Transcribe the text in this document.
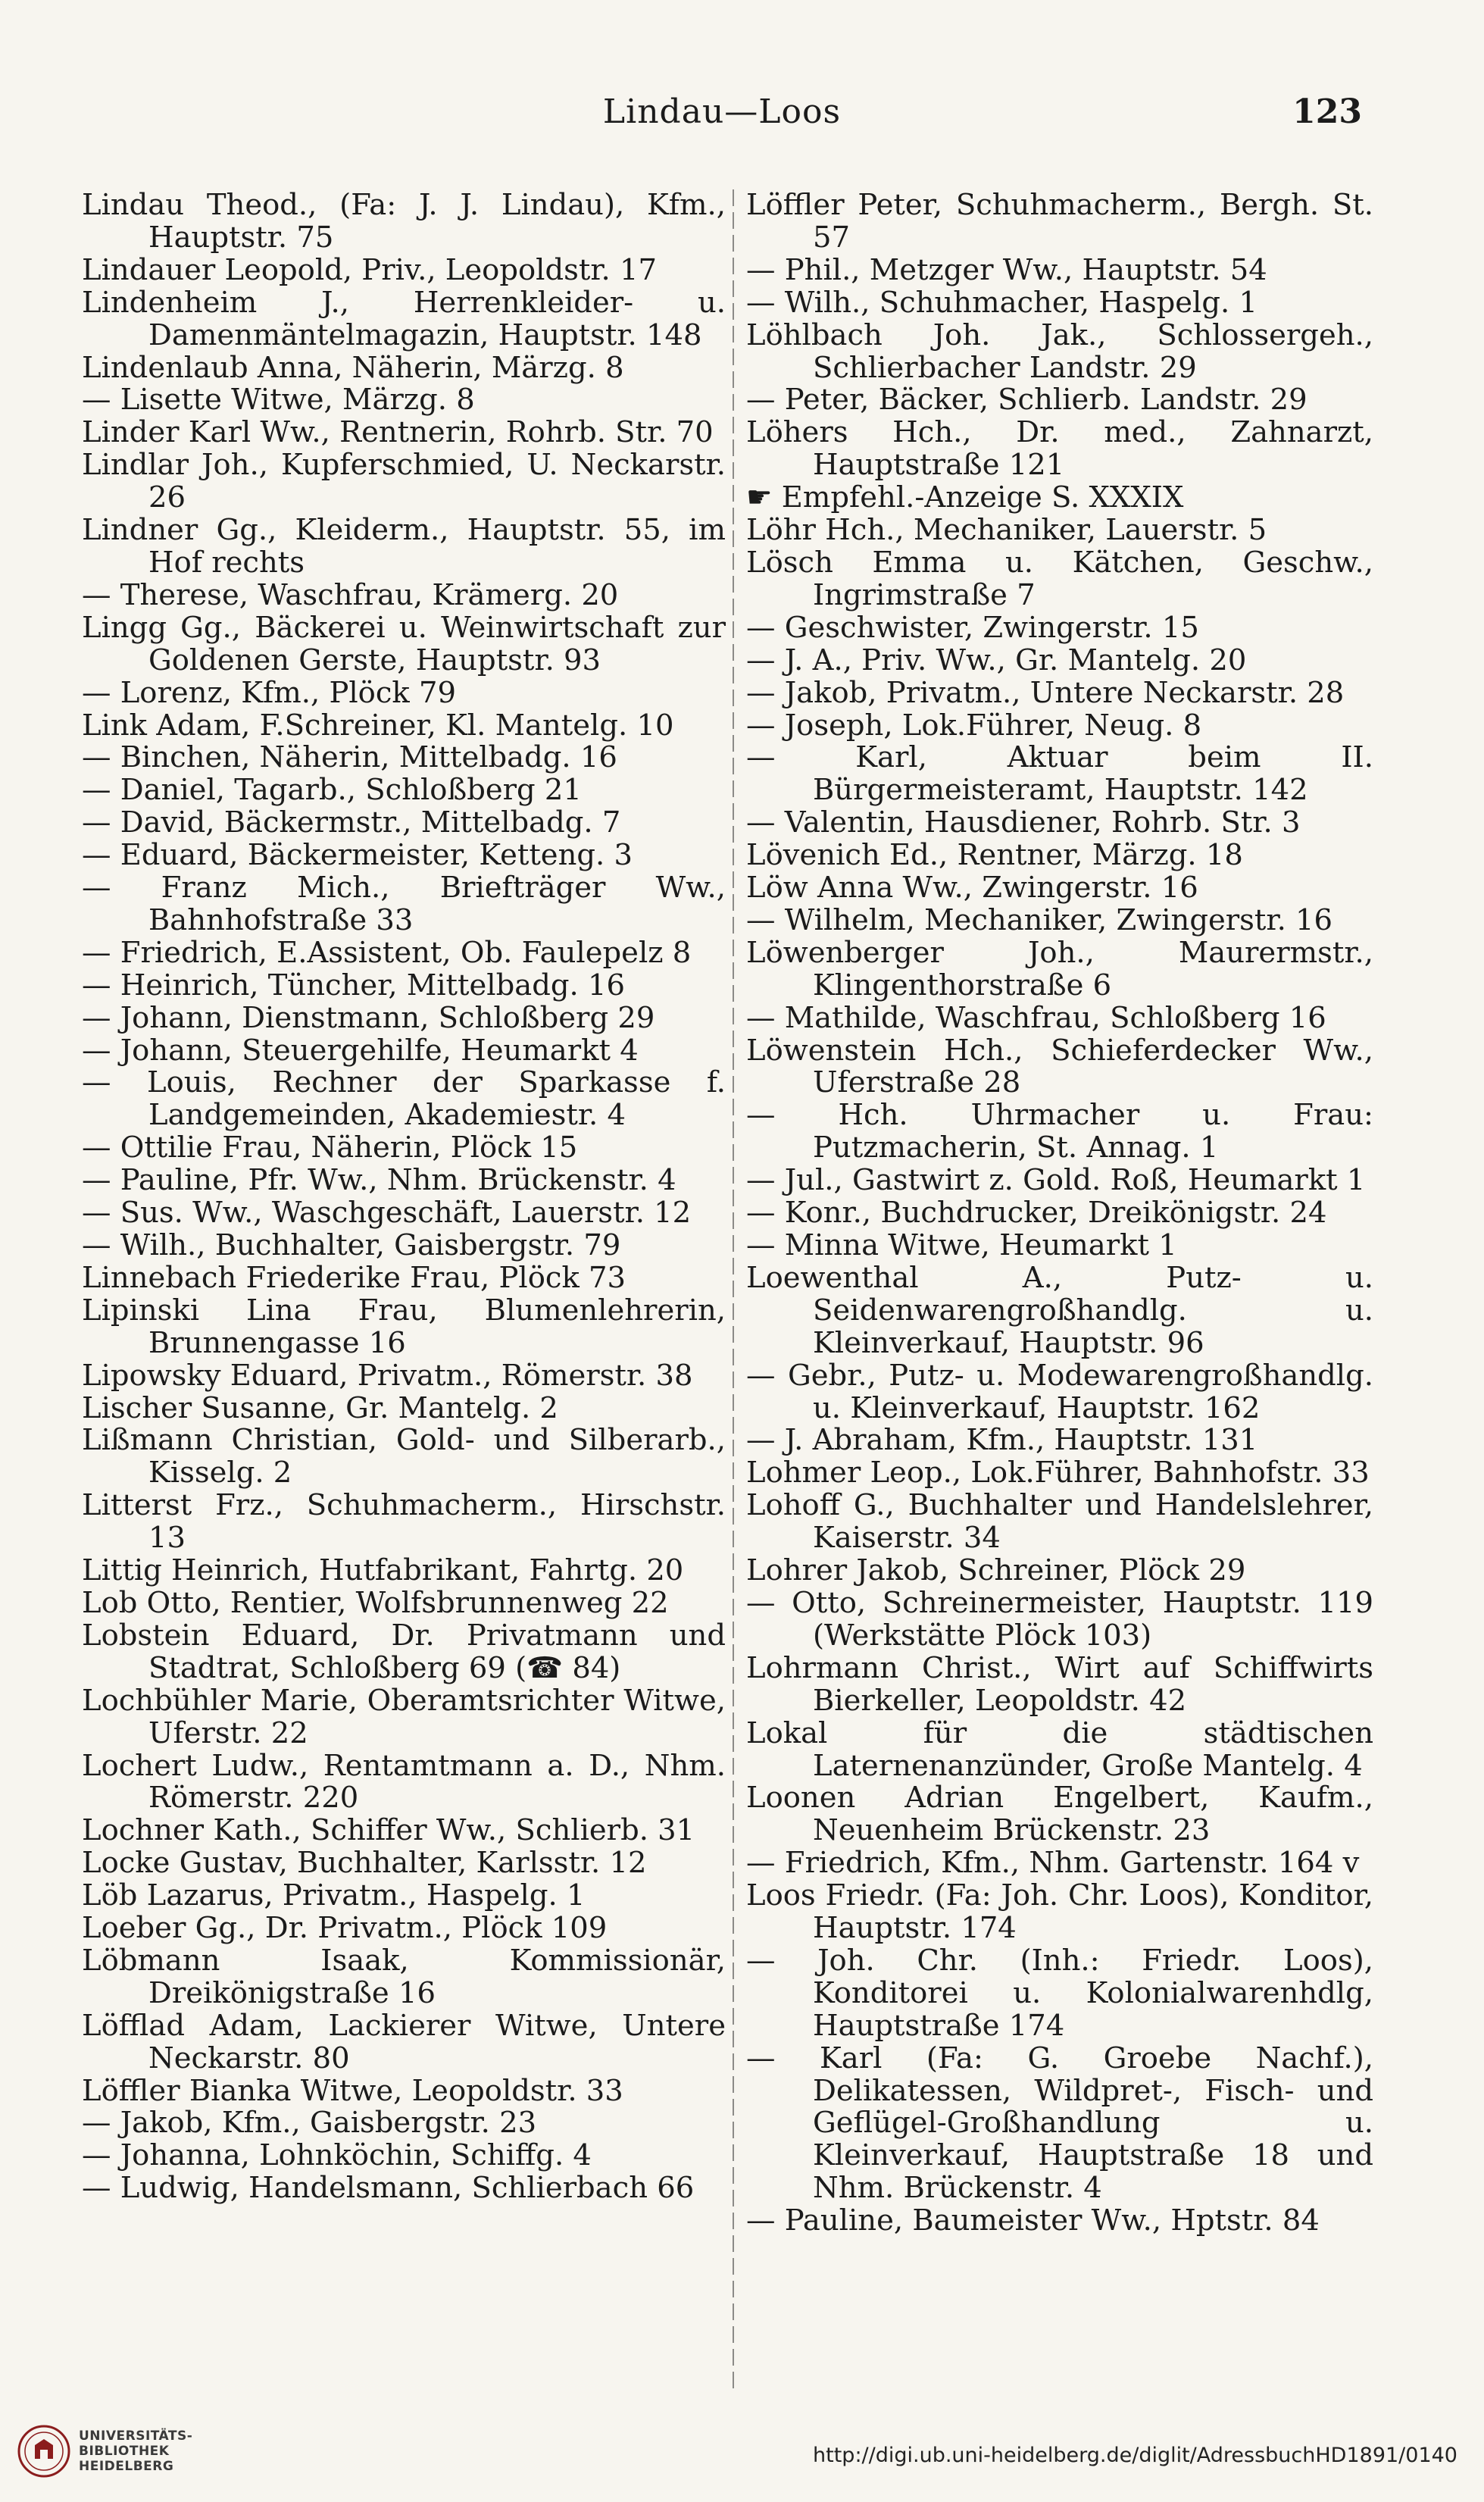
Lindau—Loos	123

Lindau Theod., (Fa: J. J. Lindau), Kfm., Hauptstr. 75

Lindauer Leopold, Priv., Leopoldstr. 17

Lindenheim J., Herrenkleider- u. Damenmäntelmagazin, Hauptstr. 148

Lindenlaub Anna, Näherin, Märzg. 8

— Lisette Witwe, Märzg. 8

Linder Karl Ww., Rentnerin, Rohrb. Str. 70

Lindlar Joh., Kupferschmied, U. Neckarstr. 26

Lindner Gg., Kleiderm., Hauptstr. 55, im Hof rechts

— Therese, Waschfrau, Krämerg. 20

Lingg Gg., Bäckerei u. Weinwirtschaft zur Goldenen Gerste, Hauptstr. 93

— Lorenz, Kfm., Plöck 79

Link Adam, F.Schreiner, Kl. Mantelg. 10

— Binchen, Näherin, Mittelbadg. 16

— Daniel, Tagarb., Schloßberg 21

— David, Bäckermstr., Mittelbadg. 7

— Eduard, Bäckermeister, Ketteng. 3

— Franz Mich., Briefträger Ww., Bahnhofstraße 33

— Friedrich, E.Assistent, Ob. Faulepelz 8

— Heinrich, Tüncher, Mittelbadg. 16

— Johann, Dienstmann, Schloßberg 29

— Johann, Steuergehilfe, Heumarkt 4

— Louis, Rechner der Sparkasse f. Landgemeinden, Akademiestr. 4

— Ottilie Frau, Näherin, Plöck 15

— Pauline, Pfr. Ww., Nhm. Brückenstr. 4

— Sus. Ww., Waschgeschäft, Lauerstr. 12

— Wilh., Buchhalter, Gaisbergstr. 79

Linnebach Friederike Frau, Plöck 73

Lipinski Lina Frau, Blumenlehrerin, Brunnengasse 16

Lipowsky Eduard, Privatm., Römerstr. 38

Lischer Susanne, Gr. Mantelg. 2

Lißmann Christian, Gold- und Silberarb., Kisselg. 2

Litterst Frz., Schuhmacherm., Hirschstr. 13

Littig Heinrich, Hutfabrikant, Fahrtg. 20

Lob Otto, Rentier, Wolfsbrunnenweg 22

Lobstein Eduard, Dr. Privatmann und Stadtrat, Schloßberg 69 (☎ 84)

Lochbühler Marie, Oberamtsrichter Witwe, Uferstr. 22

Lochert Ludw., Rentamtmann a. D., Nhm. Römerstr. 220

Lochner Kath., Schiffer Ww., Schlierb. 31

Locke Gustav, Buchhalter, Karlsstr. 12

Löb Lazarus, Privatm., Haspelg. 1

Loeber Gg., Dr. Privatm., Plöck 109

Löbmann Isaak, Kommissionär, Dreikönigstraße 16

Löfflad Adam, Lackierer Witwe, Untere Neckarstr. 80

Löffler Bianka Witwe, Leopoldstr. 33

— Jakob, Kfm., Gaisbergstr. 23

— Johanna, Lohnköchin, Schiffg. 4

— Ludwig, Handelsmann, Schlierbach 66

Löffler Peter, Schuhmacherm., Bergh. St. 57

— Phil., Metzger Ww., Hauptstr. 54

— Wilh., Schuhmacher, Haspelg. 1

Löhlbach Joh. Jak., Schlossergeh., Schlierbacher Landstr. 29

— Peter, Bäcker, Schlierb. Landstr. 29

Löhers Hch., Dr. med., Zahnarzt, Hauptstraße 121

☛ Empfehl.-Anzeige S. XXXIX

Löhr Hch., Mechaniker, Lauerstr. 5

Lösch Emma u. Kätchen, Geschw., Ingrimstraße 7

— Geschwister, Zwingerstr. 15

— J. A., Priv. Ww., Gr. Mantelg. 20

— Jakob, Privatm., Untere Neckarstr. 28

— Joseph, Lok.Führer, Neug. 8

— Karl, Aktuar beim II. Bürgermeisteramt, Hauptstr. 142

— Valentin, Hausdiener, Rohrb. Str. 3

Lövenich Ed., Rentner, Märzg. 18

Löw Anna Ww., Zwingerstr. 16

— Wilhelm, Mechaniker, Zwingerstr. 16

Löwenberger Joh., Maurermstr., Klingenthorstraße 6

— Mathilde, Waschfrau, Schloßberg 16

Löwenstein Hch., Schieferdecker Ww., Uferstraße 28

— Hch. Uhrmacher u. Frau: Putzmacherin, St. Annag. 1

— Jul., Gastwirt z. Gold. Roß, Heumarkt 1

— Konr., Buchdrucker, Dreikönigstr. 24

— Minna Witwe, Heumarkt 1

Loewenthal A., Putz- u. Seidenwarengroßhandlg. u. Kleinverkauf, Hauptstr. 96

— Gebr., Putz- u. Modewarengroßhandlg. u. Kleinverkauf, Hauptstr. 162

— J. Abraham, Kfm., Hauptstr. 131

Lohmer Leop., Lok.Führer, Bahnhofstr. 33

Lohoff G., Buchhalter und Handelslehrer, Kaiserstr. 34

Lohrer Jakob, Schreiner, Plöck 29

— Otto, Schreinermeister, Hauptstr. 119 (Werkstätte Plöck 103)

Lohrmann Christ., Wirt auf Schiffwirts Bierkeller, Leopoldstr. 42

Lokal für die städtischen Laternenanzünder, Große Mantelg. 4

Loonen Adrian Engelbert, Kaufm., Neuenheim Brückenstr. 23

— Friedrich, Kfm., Nhm. Gartenstr. 164 v

Loos Friedr. (Fa: Joh. Chr. Loos), Konditor, Hauptstr. 174

— Joh. Chr. (Inh.: Friedr. Loos), Konditorei u. Kolonialwarenhdlg, Hauptstraße 174

— Karl (Fa: G. Groebe Nachf.), Delikatessen, Wildpret-, Fisch- und Geflügel-Großhandlung u. Kleinverkauf, Hauptstraße 18 und Nhm. Brückenstr. 4

— Pauline, Baumeister Ww., Hptstr. 84

UNIVERSITÄTS-
BIBLIOTHEK
HEIDELBERG	http://digi.ub.uni-heidelberg.de/diglit/AdressbuchHD1891/0140
